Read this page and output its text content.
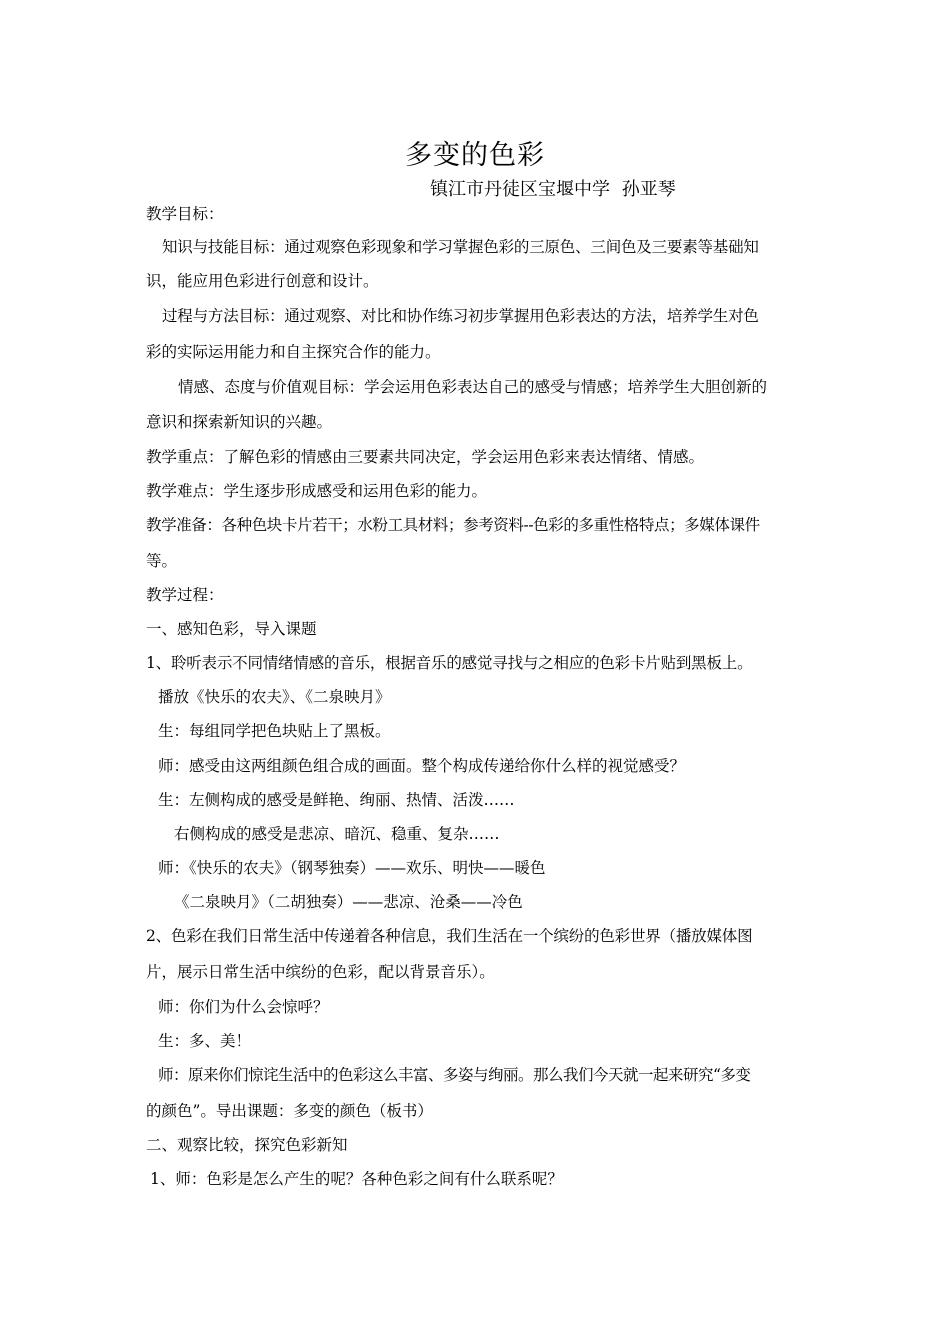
多变的色彩
镇江市丹徒区宝堰中学 孙亚琴
教学目标：
知识与技能目标：通过观察色彩现象和学习掌握色彩的三原色、三间色及三要素等基础知
识，能应用色彩进行创意和设计。
过程与方法目标：通过观察、对比和协作练习初步掌握用色彩表达的方法，培养学生对色
彩的实际运用能力和自主探究合作的能力。
情感、态度与价值观目标：学会运用色彩表达自己的感受与情感；培养学生大胆创新的
意识和探索新知识的兴趣。
教学重点：了解色彩的情感由三要素共同决定，学会运用色彩来表达情绪、情感。
教学难点：学生逐步形成感受和运用色彩的能力。
教学准备：各种色块卡片若干；水粉工具材料；参考资料--色彩的多重性格特点；多媒体课件
等。
教学过程：
一、感知色彩，导入课题
1、聆听表示不同情绪情感的音乐，根据音乐的感觉寻找与之相应的色彩卡片贴到黑板上。
播放《快乐的农夫》、《二泉映月》
生：每组同学把色块贴上了黑板。
师：感受由这两组颜色组合成的画面。整个构成传递给你什么样的视觉感受？
生：左侧构成的感受是鲜艳、绚丽、热情、活泼……
右侧构成的感受是悲凉、暗沉、稳重、复杂……
师：《快乐的农夫》（钢琴独奏）——欢乐、明快——暖色
《二泉映月》（二胡独奏）——悲凉、沧桑——冷色
2、色彩在我们日常生活中传递着各种信息，我们生活在一个缤纷的色彩世界（播放媒体图
片，展示日常生活中缤纷的色彩，配以背景音乐）。
师：你们为什么会惊呼？
生：多、美！
师：原来你们惊诧生活中的色彩这么丰富、多姿与绚丽。那么我们今天就一起来研究“多变
的颜色”。导出课题：多变的颜色（板书）
二、观察比较，探究色彩新知
1、师：色彩是怎么产生的呢？各种色彩之间有什么联系呢？
